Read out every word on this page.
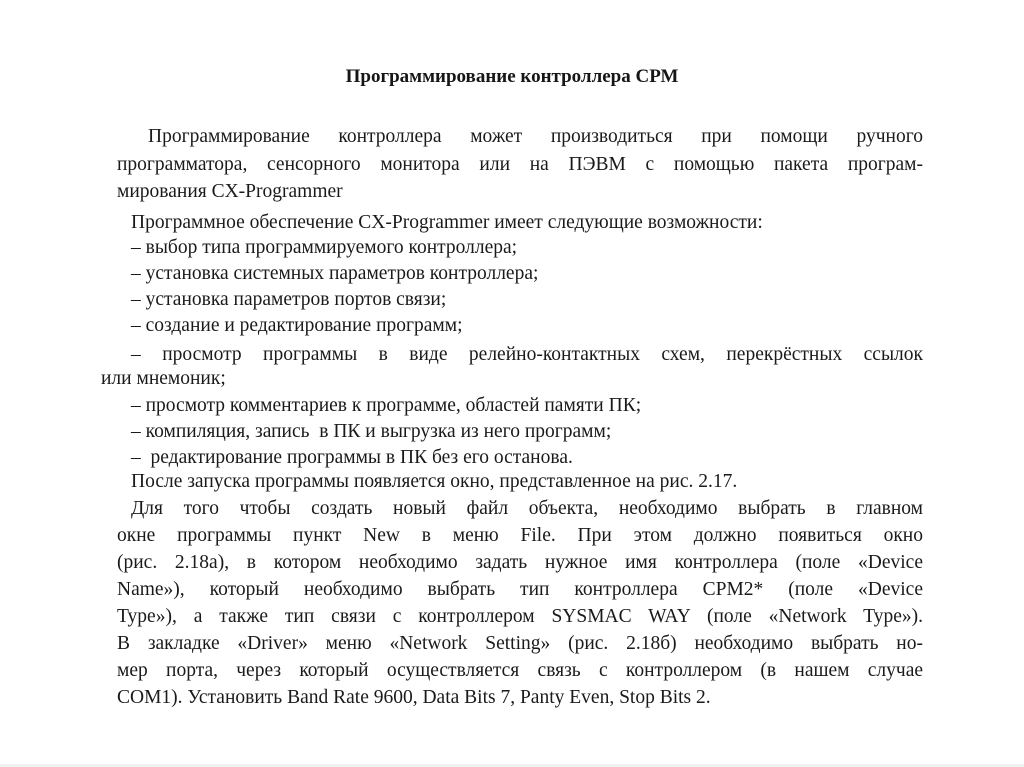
Программирование контроллера СРМ

Программирование контроллера может производиться при помощи ручного

программатора, сенсорного монитора или на ПЭВМ с помощью пакета програм-

мирования CX-Programmer

Программное обеспечение CX-Programmer имеет следующие возможности:

– выбор типа программируемого контроллера;

– установка системных параметров контроллера;

– установка параметров портов связи;

– создание и редактирование программ;

– просмотр программы в виде релейно-контактных схем, перекрёстных ссылок

или мнемоник;

– просмотр комментариев к программе, областей памяти ПК;

– компиляция, запись  в ПК и выгрузка из него программ;

–  редактирование программы в ПК без его останова.

После запуска программы появляется окно, представленное на рис. 2.17.

Для того чтобы создать новый файл объекта, необходимо выбрать в главном

окне программы пункт New в меню File. При этом должно появиться окно

(рис. 2.18а), в котором необходимо задать нужное имя контроллера (поле «Device

Name»), который необходимо выбрать тип контроллера CPM2* (поле «Device

Type»), а также тип связи с контроллером SYSMAC WAY (поле «Network Type»).

В закладке «Driver» меню «Network Setting» (рис. 2.18б) необходимо выбрать но-

мер порта, через который осуществляется связь с контроллером (в нашем случае

COM1). Установить Band Rate 9600, Data Bits 7, Panty Even, Stop Bits 2.
